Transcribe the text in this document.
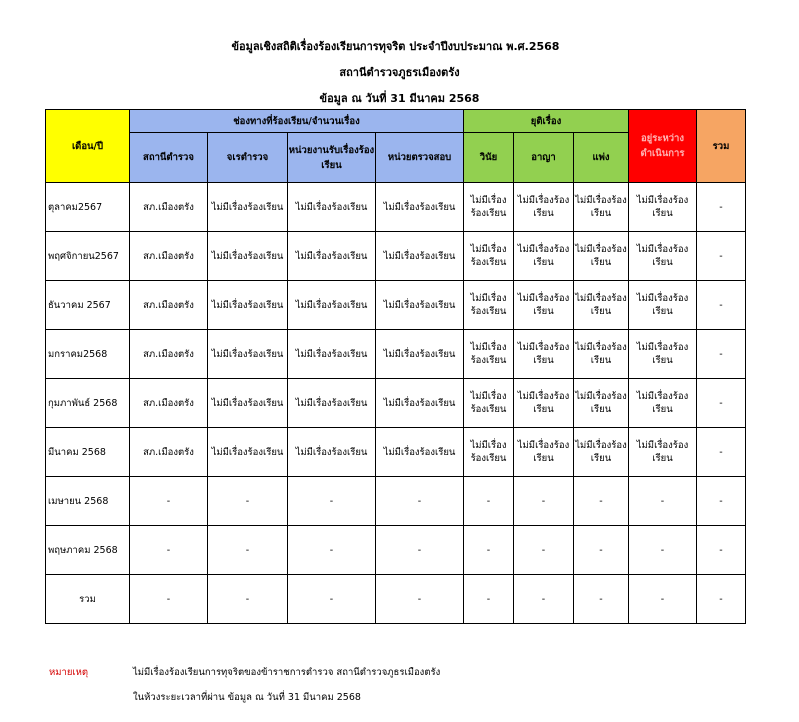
ข้อมูลเชิงสถิติเรื่องร้องเรียนการทุจริต ประจำปีงบประมาณ พ.ศ.2568
สถานีตำรวจภูธรเมืองตรัง
ข้อมูล ณ วันที่ 31 มีนาคม 2568
เดือน/ปี	ช่องทางที่ร้องเรียน/จำนวนเรื่อง				ยุติเรื่อง			อยู่ระหว่างดำเนินการ	รวม
	สถานีตำรวจ	จเรตำรวจ	หน่วยงานรับเรื่องร้องเรียน	หน่วยตรวจสอบ	วินัย	อาญา	แพ่ง		
ตุลาคม2567	สภ.เมืองตรัง	ไม่มีเรื่องร้องเรียน	ไม่มีเรื่องร้องเรียน	ไม่มีเรื่องร้องเรียน	ไม่มีเรื่องร้องเรียน	ไม่มีเรื่องร้องเรียน	ไม่มีเรื่องร้องเรียน	ไม่มีเรื่องร้องเรียน	-
พฤศจิกายน2567	สภ.เมืองตรัง	ไม่มีเรื่องร้องเรียน	ไม่มีเรื่องร้องเรียน	ไม่มีเรื่องร้องเรียน	ไม่มีเรื่องร้องเรียน	ไม่มีเรื่องร้องเรียน	ไม่มีเรื่องร้องเรียน	ไม่มีเรื่องร้องเรียน	-
ธันวาคม 2567	สภ.เมืองตรัง	ไม่มีเรื่องร้องเรียน	ไม่มีเรื่องร้องเรียน	ไม่มีเรื่องร้องเรียน	ไม่มีเรื่องร้องเรียน	ไม่มีเรื่องร้องเรียน	ไม่มีเรื่องร้องเรียน	ไม่มีเรื่องร้องเรียน	-
มกราคม2568	สภ.เมืองตรัง	ไม่มีเรื่องร้องเรียน	ไม่มีเรื่องร้องเรียน	ไม่มีเรื่องร้องเรียน	ไม่มีเรื่องร้องเรียน	ไม่มีเรื่องร้องเรียน	ไม่มีเรื่องร้องเรียน	ไม่มีเรื่องร้องเรียน	-
กุมภาพันธ์ 2568	สภ.เมืองตรัง	ไม่มีเรื่องร้องเรียน	ไม่มีเรื่องร้องเรียน	ไม่มีเรื่องร้องเรียน	ไม่มีเรื่องร้องเรียน	ไม่มีเรื่องร้องเรียน	ไม่มีเรื่องร้องเรียน	ไม่มีเรื่องร้องเรียน	-
มีนาคม 2568	สภ.เมืองตรัง	ไม่มีเรื่องร้องเรียน	ไม่มีเรื่องร้องเรียน	ไม่มีเรื่องร้องเรียน	ไม่มีเรื่องร้องเรียน	ไม่มีเรื่องร้องเรียน	ไม่มีเรื่องร้องเรียน	ไม่มีเรื่องร้องเรียน	-
เมษายน 2568	-	-	-	-	-	-	-	-	-
พฤษภาคม 2568	-	-	-	-	-	-	-	-	-
รวม	-	-	-	-	-	-	-	-	-
หมายเหตุ	ไม่มีเรื่องร้องเรียนการทุจริตของข้าราชการตำรวจ สถานีตำรวจภูธรเมืองตรัง
ในห้วงระยะเวลาที่ผ่าน ข้อมูล ณ วันที่ 31 มีนาคม 2568
